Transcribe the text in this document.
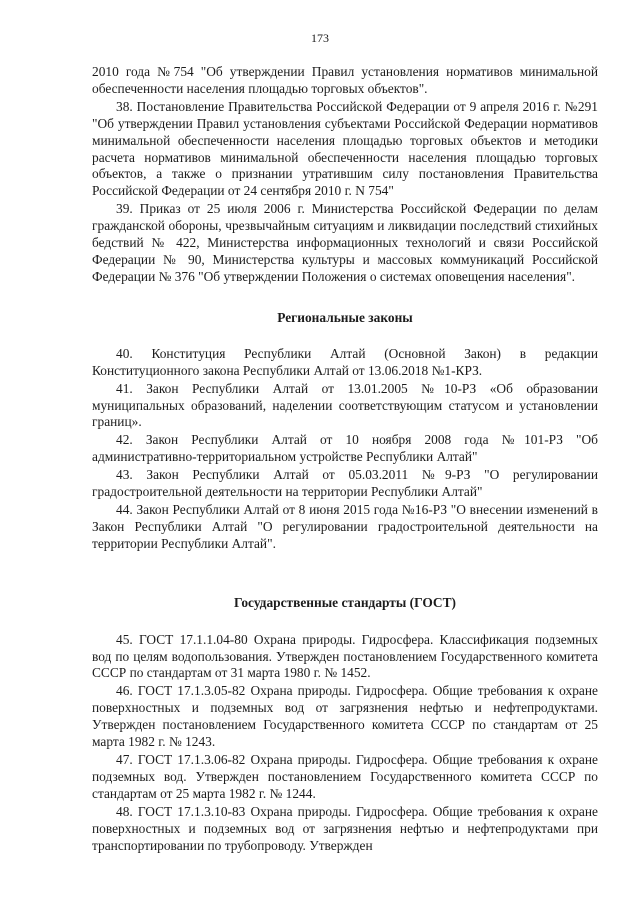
173

2010 года №754 "Об утверждении Правил установления нормативов минимальной обеспеченности населения площадью торговых объектов".

38. Постановление Правительства Российской Федерации от 9 апреля 2016 г. №291 "Об утверждении Правил установления субъектами Российской Федерации нормативов минимальной обеспеченности населения площадью торговых объектов и методики расчета нормативов минимальной обеспеченности населения площадью торговых объектов, а также о признании утратившим силу постановления Правительства Российской Федерации от 24 сентября 2010 г. N 754"

39. Приказ от 25 июля 2006 г. Министерства Российской Федерации по делам гражданской обороны, чрезвычайным ситуациям и ликвидации последствий стихийных бедствий № 422, Министерства информационных технологий и связи Российской Федерации № 90, Министерства культуры и массовых коммуникаций Российской Федерации № 376 "Об утверждении Положения о системах оповещения населения".

Региональные законы

40. Конституция Республики Алтай (Основной Закон) в редакции Конституционного закона Республики Алтай от 13.06.2018 №1-КРЗ.

41. Закон Республики Алтай от 13.01.2005 №10-РЗ «Об образовании муниципальных образований, наделении соответствующим статусом и установлении границ».

42. Закон Республики Алтай от 10 ноября 2008 года №101-РЗ "Об административно-территориальном устройстве Республики Алтай"

43. Закон Республики Алтай от 05.03.2011 №9-РЗ "О регулировании градостроительной деятельности на территории Республики Алтай"

44. Закон Республики Алтай от 8 июня 2015 года №16-РЗ "О внесении изменений в Закон Республики Алтай "О регулировании градостроительной деятельности на территории Республики Алтай".

Государственные стандарты (ГОСТ)

45. ГОСТ 17.1.1.04-80 Охрана природы. Гидросфера. Классификация подземных вод по целям водопользования. Утвержден постановлением Государственного комитета СССР по стандартам от 31 марта 1980 г. № 1452.

46. ГОСТ 17.1.3.05-82 Охрана природы. Гидросфера. Общие требования к охране поверхностных и подземных вод от загрязнения нефтью и нефтепродуктами. Утвержден постановлением Государственного комитета СССР по стандартам от 25 марта 1982 г. № 1243.

47. ГОСТ 17.1.3.06-82 Охрана природы. Гидросфера. Общие требования к охране подземных вод. Утвержден постановлением Государственного комитета СССР по стандартам от 25 марта 1982 г. № 1244.

48. ГОСТ 17.1.3.10-83 Охрана природы. Гидросфера. Общие требования к охране поверхностных и подземных вод от загрязнения нефтью и нефтепродуктами при транспортировании по трубопроводу. Утвержден
